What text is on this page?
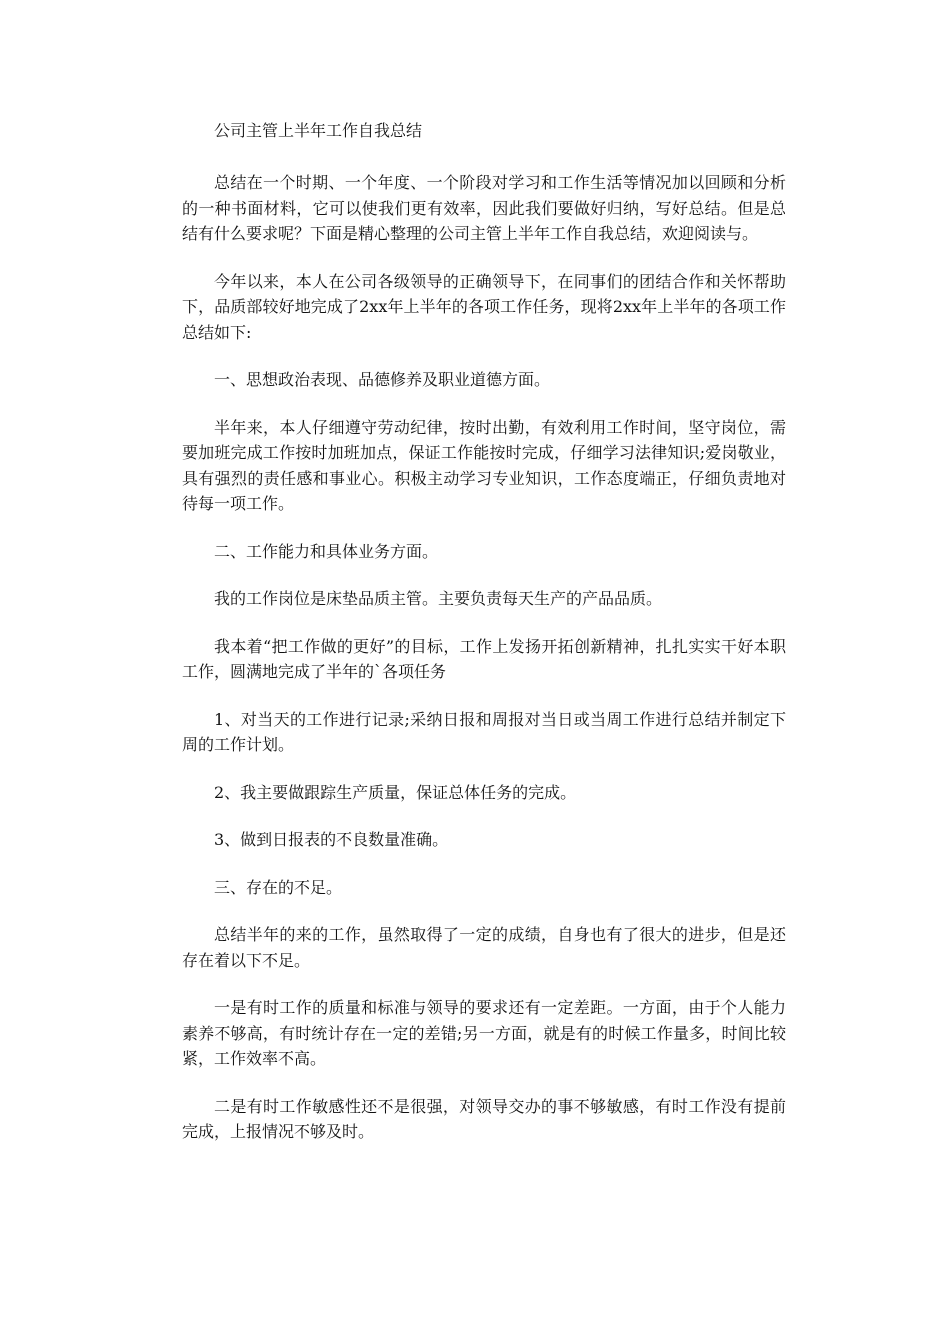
公司主管上半年工作自我总结

总结在一个时期、一个年度、一个阶段对学习和工作生活等情况加以回顾和分析的一种书面材料，它可以使我们更有效率，因此我们要做好归纳，写好总结。但是总结有什么要求呢？下面是精心整理的公司主管上半年工作自我总结，欢迎阅读与。

今年以来，本人在公司各级领导的正确领导下，在同事们的团结合作和关怀帮助下，品质部较好地完成了2xx年上半年的各项工作任务，现将2xx年上半年的各项工作总结如下:

一、思想政治表现、品德修养及职业道德方面。

半年来，本人仔细遵守劳动纪律，按时出勤，有效利用工作时间，坚守岗位，需要加班完成工作按时加班加点，保证工作能按时完成，仔细学习法律知识;爱岗敬业，具有强烈的责任感和事业心。积极主动学习专业知识，工作态度端正，仔细负责地对待每一项工作。

二、工作能力和具体业务方面。

我的工作岗位是床垫品质主管。主要负责每天生产的产品品质。

我本着“把工作做的更好”的目标，工作上发扬开拓创新精神，扎扎实实干好本职工作，圆满地完成了半年的`各项任务

1、对当天的工作进行记录;采纳日报和周报对当日或当周工作进行总结并制定下周的工作计划。

2、我主要做跟踪生产质量，保证总体任务的完成。

3、做到日报表的不良数量准确。

三、存在的不足。

总结半年的来的工作，虽然取得了一定的成绩，自身也有了很大的进步，但是还存在着以下不足。

一是有时工作的质量和标准与领导的要求还有一定差距。一方面，由于个人能力素养不够高，有时统计存在一定的差错;另一方面，就是有的时候工作量多，时间比较紧，工作效率不高。

二是有时工作敏感性还不是很强，对领导交办的事不够敏感，有时工作没有提前完成，上报情况不够及时。
